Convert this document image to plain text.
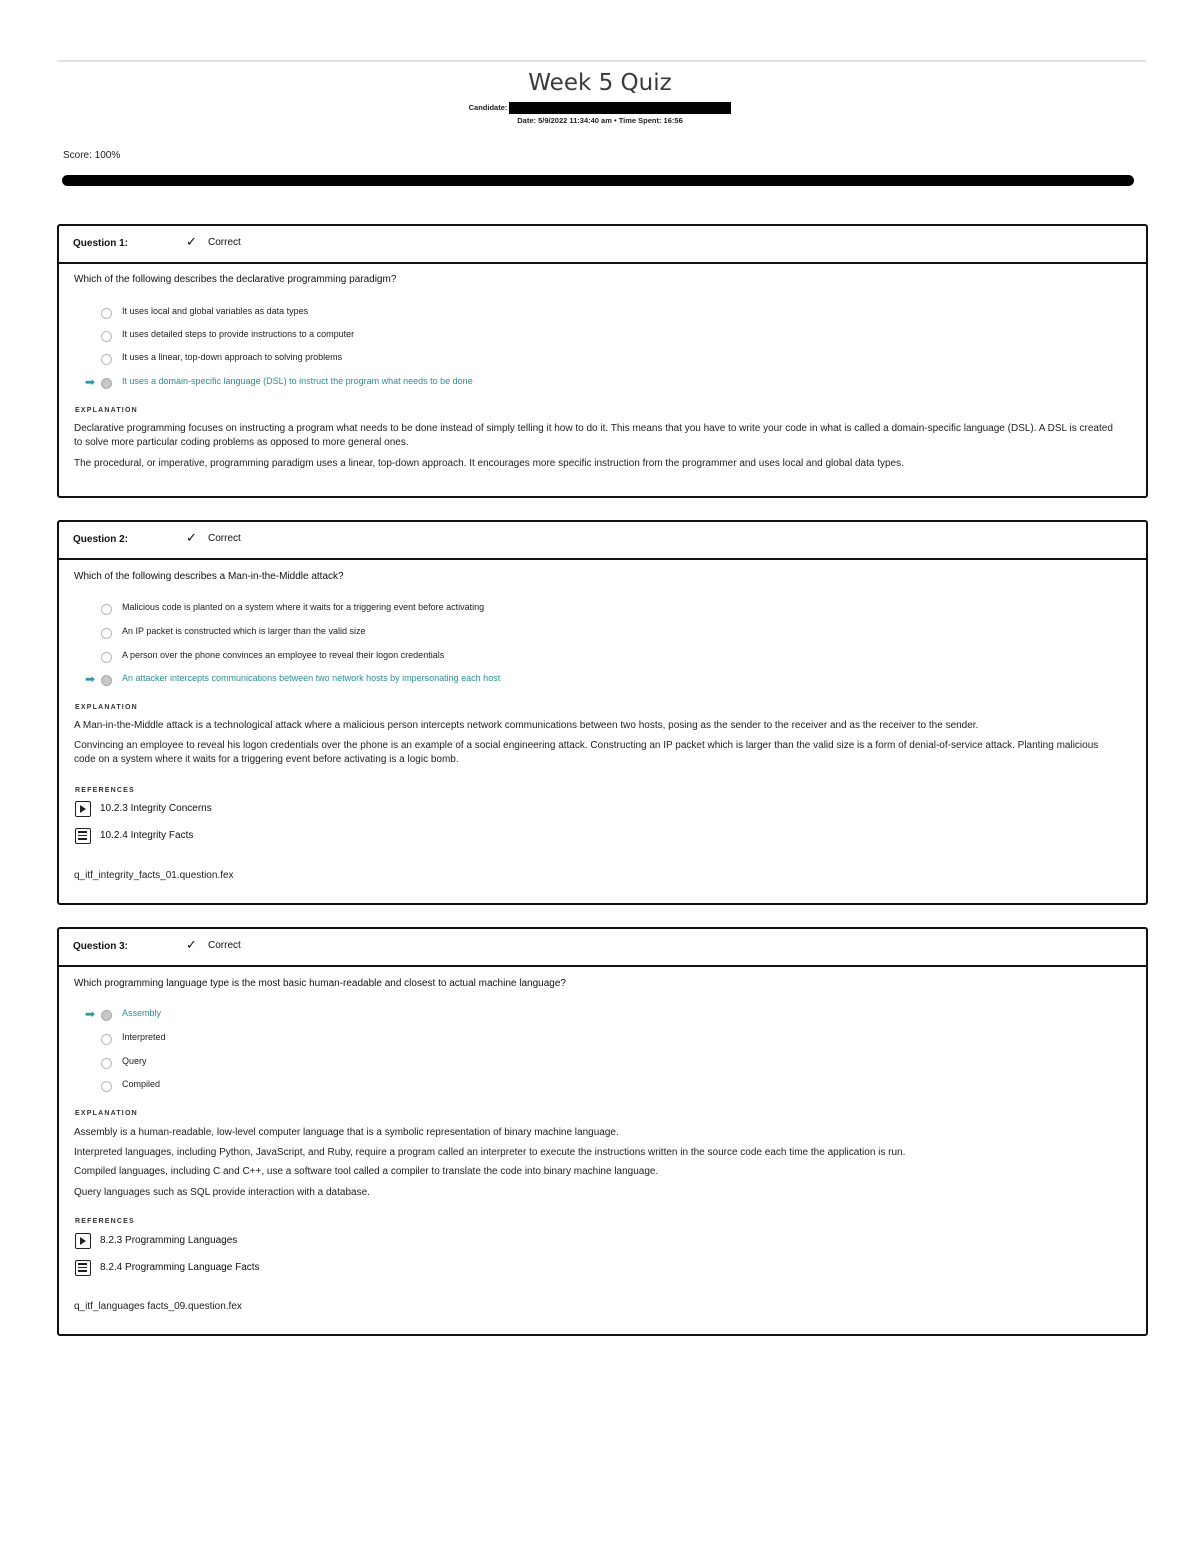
Week 5 Quiz
Candidate:
Date: 5/9/2022 11:34:40 am • Time Spent: 16:56
Score: 100%
Question 1:	✓ Correct
Which of the following describes the declarative programming paradigm?
It uses local and global variables as data types
It uses detailed steps to provide instructions to a computer
It uses a linear, top-down approach to solving problems
➡	It uses a domain-specific language (DSL) to instruct the program what needs to be done
EXPLANATION
Declarative programming focuses on instructing a program what needs to be done instead of simply telling it how to do it. This means that you have to write your code in what is called a domain-specific language (DSL). A DSL is created to solve more particular coding problems as opposed to more general ones.
The procedural, or imperative, programming paradigm uses a linear, top-down approach. It encourages more specific instruction from the programmer and uses local and global data types.
Question 2:	✓ Correct
Which of the following describes a Man-in-the-Middle attack?
Malicious code is planted on a system where it waits for a triggering event before activating
An IP packet is constructed which is larger than the valid size
A person over the phone convinces an employee to reveal their logon credentials
➡	An attacker intercepts communications between two network hosts by impersonating each host
EXPLANATION
A Man-in-the-Middle attack is a technological attack where a malicious person intercepts network communications between two hosts, posing as the sender to the receiver and as the receiver to the sender.
Convincing an employee to reveal his logon credentials over the phone is an example of a social engineering attack. Constructing an IP packet which is larger than the valid size is a form of denial-of-service attack. Planting malicious code on a system where it waits for a triggering event before activating is a logic bomb.
REFERENCES
10.2.3 Integrity Concerns
10.2.4 Integrity Facts
q_itf_integrity_facts_01.question.fex
Question 3:	✓ Correct
Which programming language type is the most basic human-readable and closest to actual machine language?
➡	Assembly
Interpreted
Query
Compiled
EXPLANATION
Assembly is a human-readable, low-level computer language that is a symbolic representation of binary machine language.
Interpreted languages, including Python, JavaScript, and Ruby, require a program called an interpreter to execute the instructions written in the source code each time the application is run.
Compiled languages, including C and C++, use a software tool called a compiler to translate the code into binary machine language.
Query languages such as SQL provide interaction with a database.
REFERENCES
8.2.3 Programming Languages
8.2.4 Programming Language Facts
q_itf_languages facts_09.question.fex
